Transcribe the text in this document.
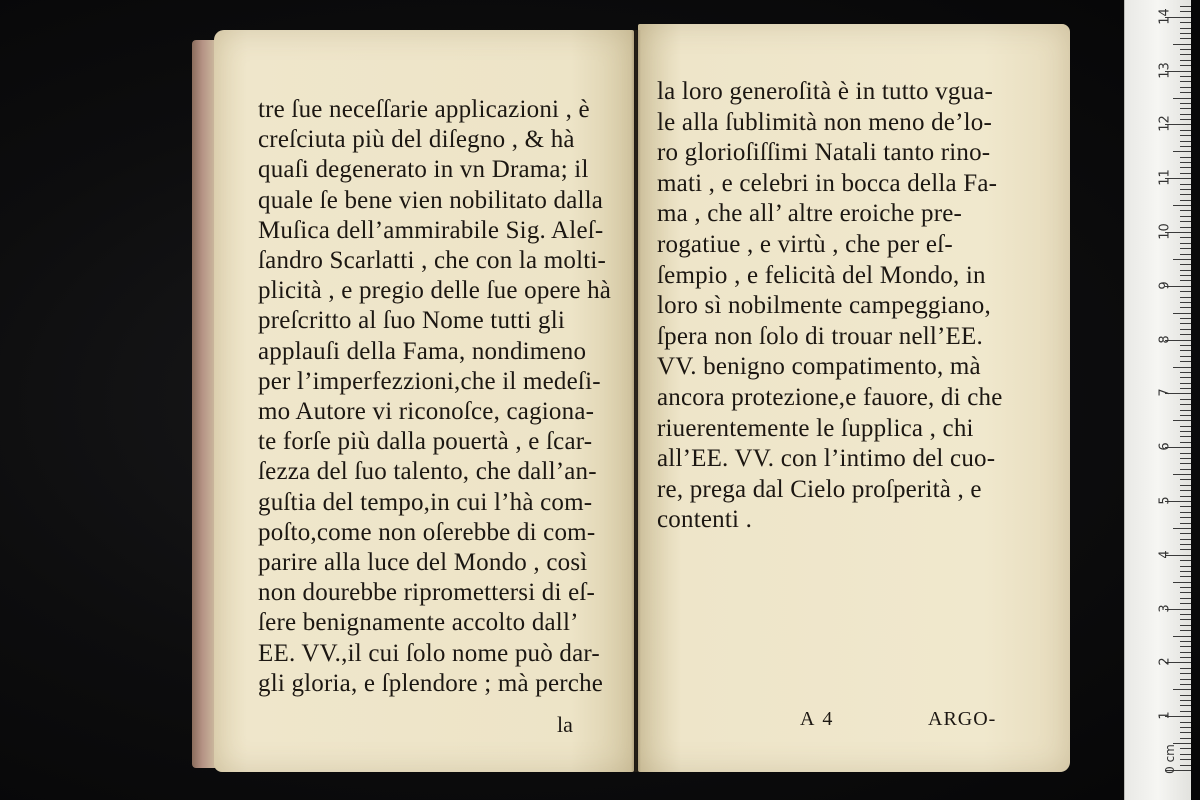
tre ſue neceſſarie applicazioni , è
creſciuta più del diſegno , & hà
quaſi degenerato in vn Drama; il
quale ſe bene vien nobilitato dalla
Muſica dell’ammirabile Sig. Aleſ-
ſandro Scarlatti , che con la molti-
plicità , e pregio delle ſue opere hà
preſcritto al ſuo Nome tutti gli
applauſi della Fama, nondimeno
per l’imperfezzioni,che il medeſi-
mo Autore vi riconoſce, cagiona-
te forſe più dalla pouertà , e ſcar-
ſezza del ſuo talento, che dall’an-
guſtia del tempo,in cui l’hà com-
poſto,come non oſerebbe di com-
parire alla luce del Mondo , così
non dourebbe ripromettersi di eſ-
ſere benignamente accolto dall’
EE. VV.,il cui ſolo nome può dar-
gli gloria, e ſplendore ; mà perche
la
la loro generoſità è in tutto vgua-
le alla ſublimità non meno de’lo-
ro glorioſiſſimi Natali tanto rino-
mati , e celebri in bocca della Fa-
ma , che all’ altre eroiche pre-
rogatiue , e virtù , che per eſ-
ſempio , e felicità del Mondo, in
loro sì nobilmente campeggiano,
ſpera non ſolo di trouar nell’EE.
VV. benigno compatimento, mà
ancora protezione,e fauore, di che
riuerentemente le ſupplica , chi
all’EE. VV. con l’intimo del cuo-
re, prega dal Cielo proſperità , e
contenti .
A 4	ARGO-
14
13
12
11
10
9
8
7
6
5
4
3
2
1
0 cm
